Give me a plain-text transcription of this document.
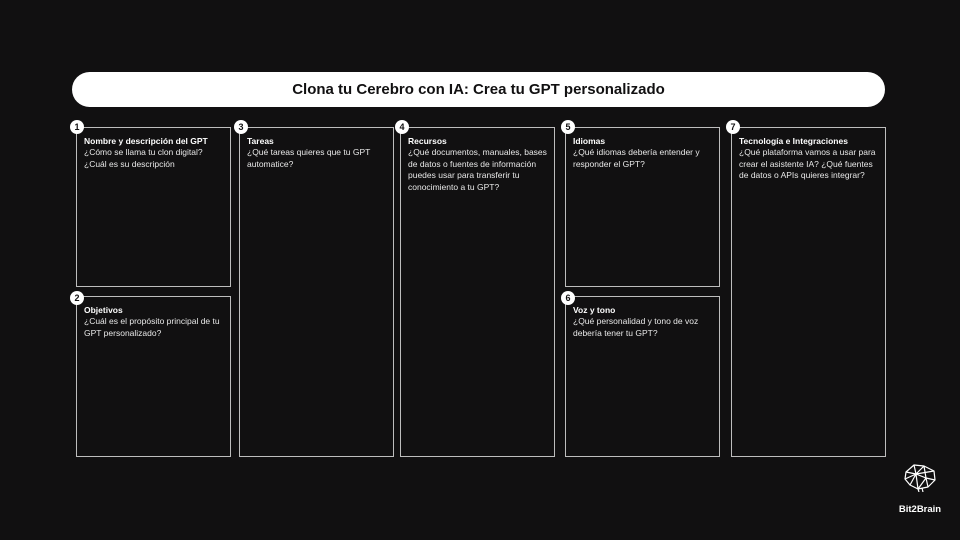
Clona tu Cerebro con IA: Crea tu GPT personalizado
Nombre y descripción del GPT
¿Cómo se llama tu clon digital? ¿Cuál es su descripción
1
Objetivos
¿Cuál es el propósito principal de tu GPT personalizado?
2
Tareas
¿Qué tareas quieres que tu GPT automatice?
3
Recursos
¿Qué documentos, manuales, bases de datos o fuentes de información puedes usar para transferir tu conocimiento a tu GPT?
4
Idiomas
¿Qué idiomas debería entender y responder el GPT?
5
Voz y tono
¿Qué personalidad y tono de voz debería tener tu GPT?
6
Tecnología e Integraciones
¿Qué plataforma vamos a usar para crear el asistente IA? ¿Qué fuentes de datos o APIs quieres integrar?
7
Bit2Brain
